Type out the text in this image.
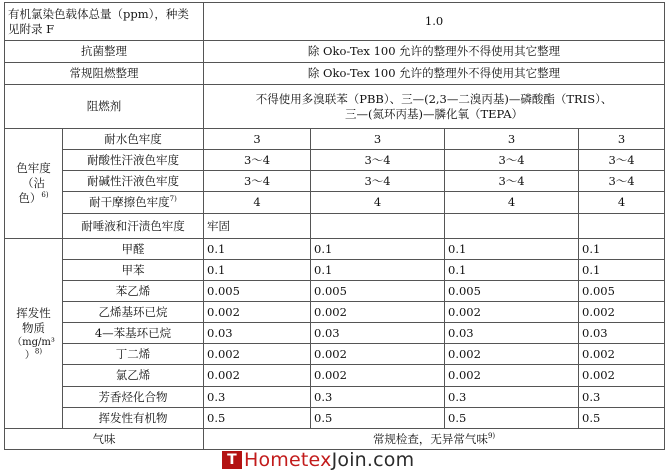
有机氯染色载体总量（ppm），种类见附录 F		1.0			
抗菌整理		除 Oko-Tex 100 允许的整理外不得使用其它整理			
常规阻燃整理		除 Oko-Tex 100 允许的整理外不得使用其它整理			
阻燃剂		不得使用多溴联苯（PBB）、三—(2,3—二溴丙基)—磷酸酯（TRIS）、
三—(氮环丙基)—膦化氧（TEPA）			

色牢度
（沾
色）$^{6)}$	耐水色牢度	3	3	3	3
	耐酸性汗液色牢度	3～4	3～4	3～4	3～4
	耐碱性汗液色牢度	3～4	3～4	3～4	3～4
	耐干摩擦色牢度$^{7)}$	4	4	4	4
	耐唾液和汗渍色牢度	牢固			

挥发性
物质
（mg/m³
）$^{8)}$	甲醛	0.1	0.1	0.1	0.1
	甲苯	0.1	0.1	0.1	0.1
	苯乙烯	0.005	0.005	0.005	0.005
	乙烯基环已烷	0.002	0.002	0.002	0.002
	4—苯基环已烷	0.03	0.03	0.03	0.03
	丁二烯	0.002	0.002	0.002	0.002
	氯乙烯	0.002	0.002	0.002	0.002
	芳香烃化合物	0.3	0.3	0.3	0.3
	挥发性有机物	0.5	0.5	0.5	0.5
气味		常规检查，无异常气味$^{9)}$
T Hometex Join .com
